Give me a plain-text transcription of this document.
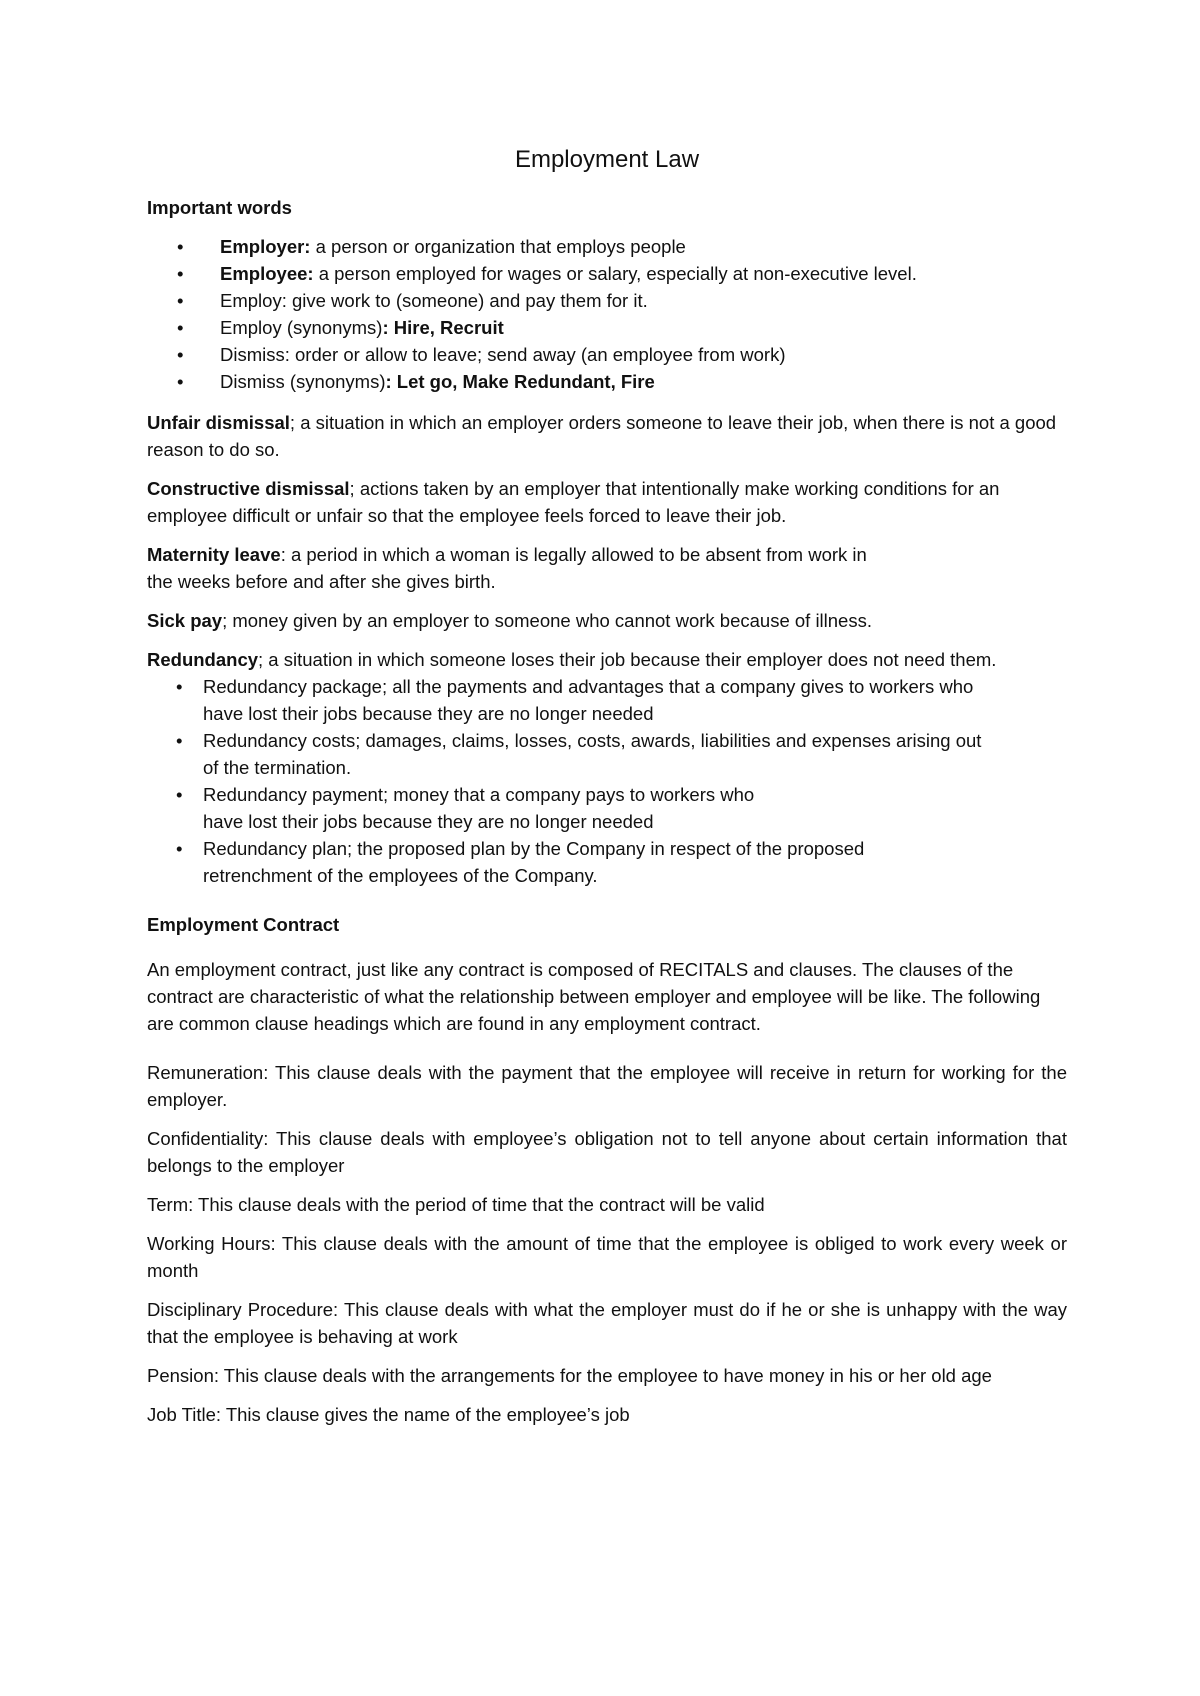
Employment Law
Important words
• Employer: a person or organization that employs people
• Employee: a person employed for wages or salary, especially at non-executive level.
• Employ: give work to (someone) and pay them for it.
• Employ (synonyms): Hire, Recruit
• Dismiss: order or allow to leave; send away (an employee from work)
• Dismiss (synonyms): Let go, Make Redundant, Fire

Unfair dismissal; a situation in which an employer orders someone to leave their job, when there is not a good reason to do so.

Constructive dismissal; actions taken by an employer that intentionally make working conditions for an employee difficult or unfair so that the employee feels forced to leave their job.

Maternity leave: a period in which a woman is legally allowed to be absent from work in
the weeks before and after she gives birth.

Sick pay; money given by an employer to someone who cannot work because of illness.

Redundancy; a situation in which someone loses their job because their employer does not need them.

• Redundancy package; all the payments and advantages that a company gives to workers who
have lost their jobs because they are no longer needed
• Redundancy costs; damages, claims, losses, costs, awards, liabilities and expenses arising out
of the termination.
• Redundancy payment; money that a company pays to workers who
have lost their jobs because they are no longer needed
• Redundancy plan; the proposed plan by the Company in respect of the proposed
retrenchment of the employees of the Company.
Employment Contract

An employment contract, just like any contract is composed of RECITALS and clauses. The clauses of the contract are characteristic of what the relationship between employer and employee will be like. The following are common clause headings which are found in any employment contract.

Remuneration: This clause deals with the payment that the employee will receive in return for working for the employer.

Confidentiality: This clause deals with employee’s obligation not to tell anyone about certain information that belongs to the employer

Term: This clause deals with the period of time that the contract will be valid

Working Hours: This clause deals with the amount of time that the employee is obliged to work every week or month

Disciplinary Procedure: This clause deals with what the employer must do if he or she is unhappy with the way that the employee is behaving at work

Pension: This clause deals with the arrangements for the employee to have money in his or her old age

Job Title: This clause gives the name of the employee’s job
